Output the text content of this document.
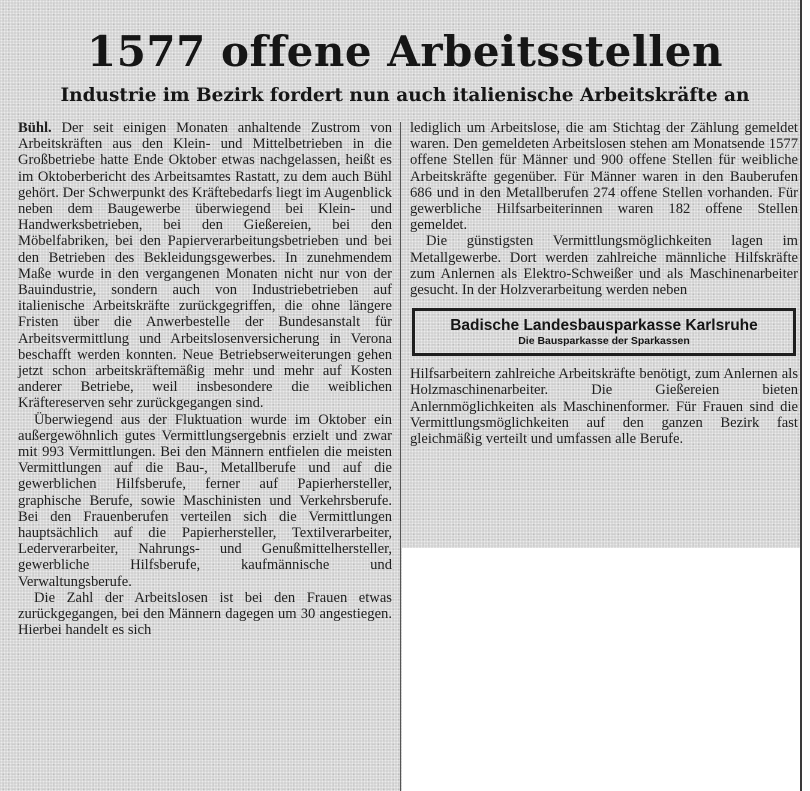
1577 offene Arbeitsstellen
Industrie im Bezirk fordert nun auch italienische Arbeitskräfte an

Bühl. Der seit einigen Monaten anhaltende Zustrom von Arbeitskräften aus den Klein- und Mittelbetrieben in die Großbetriebe hatte Ende Oktober etwas nachgelassen, heißt es im Oktoberbericht des Arbeitsamtes Rastatt, zu dem auch Bühl gehört. Der Schwerpunkt des Kräftebedarfs liegt im Augenblick neben dem Baugewerbe überwiegend bei Klein- und Handwerksbetrieben, bei den Gießereien, bei den Möbelfabriken, bei den Papierverarbeitungsbetrieben und bei den Betrieben des Bekleidungsgewerbes. In zunehmendem Maße wurde in den vergangenen Monaten nicht nur von der Bauindustrie, sondern auch von Industriebetrieben auf italienische Arbeitskräfte zurückgegriffen, die ohne längere Fristen über die Anwerbestelle der Bundesanstalt für Arbeitsvermittlung und Arbeitslosenversicherung in Verona beschafft werden konnten. Neue Betriebserweiterungen gehen jetzt schon arbeitskräftemäßig mehr und mehr auf Kosten anderer Betriebe, weil insbesondere die weiblichen Kräftereserven sehr zurückgegangen sind.

Überwiegend aus der Fluktuation wurde im Oktober ein außergewöhnlich gutes Vermittlungsergebnis erzielt und zwar mit 993 Vermittlungen. Bei den Männern entfielen die meisten Vermittlungen auf die Bau-, Metallberufe und auf die gewerblichen Hilfsberufe, ferner auf Papierhersteller, graphische Berufe, sowie Maschinisten und Verkehrsberufe. Bei den Frauenberufen verteilen sich die Vermittlungen hauptsächlich auf die Papierhersteller, Textilverarbeiter, Lederverarbeiter, Nahrungs- und Genußmittelhersteller, gewerbliche Hilfsberufe, kaufmännische und Verwaltungsberufe.

Die Zahl der Arbeitslosen ist bei den Frauen etwas zurückgegangen, bei den Männern dagegen um 30 angestiegen. Hierbei handelt es sich

lediglich um Arbeitslose, die am Stichtag der Zählung gemeldet waren. Den gemeldeten Arbeitslosen stehen am Monatsende 1577 offene Stellen für Männer und 900 offene Stellen für weibliche Arbeitskräfte gegenüber. Für Männer waren in den Bauberufen 686 und in den Metallberufen 274 offene Stellen vorhanden. Für gewerbliche Hilfsarbeiterinnen waren 182 offene Stellen gemeldet.

Die günstigsten Vermittlungsmöglichkeiten lagen im Metallgewerbe. Dort werden zahlreiche männliche Hilfskräfte zum Anlernen als Elektro-Schweißer und als Maschinenarbeiter gesucht. In der Holzverarbeitung werden neben

Badische Landesbausparkasse Karlsruhe
Die Bausparkasse der Sparkassen

Hilfsarbeitern zahlreiche Arbeitskräfte benötigt, zum Anlernen als Holzmaschinenarbeiter. Die Gießereien bieten Anlernmöglichkeiten als Maschinenformer. Für Frauen sind die Vermittlungsmöglichkeiten auf den ganzen Bezirk fast gleichmäßig verteilt und umfassen alle Berufe.
